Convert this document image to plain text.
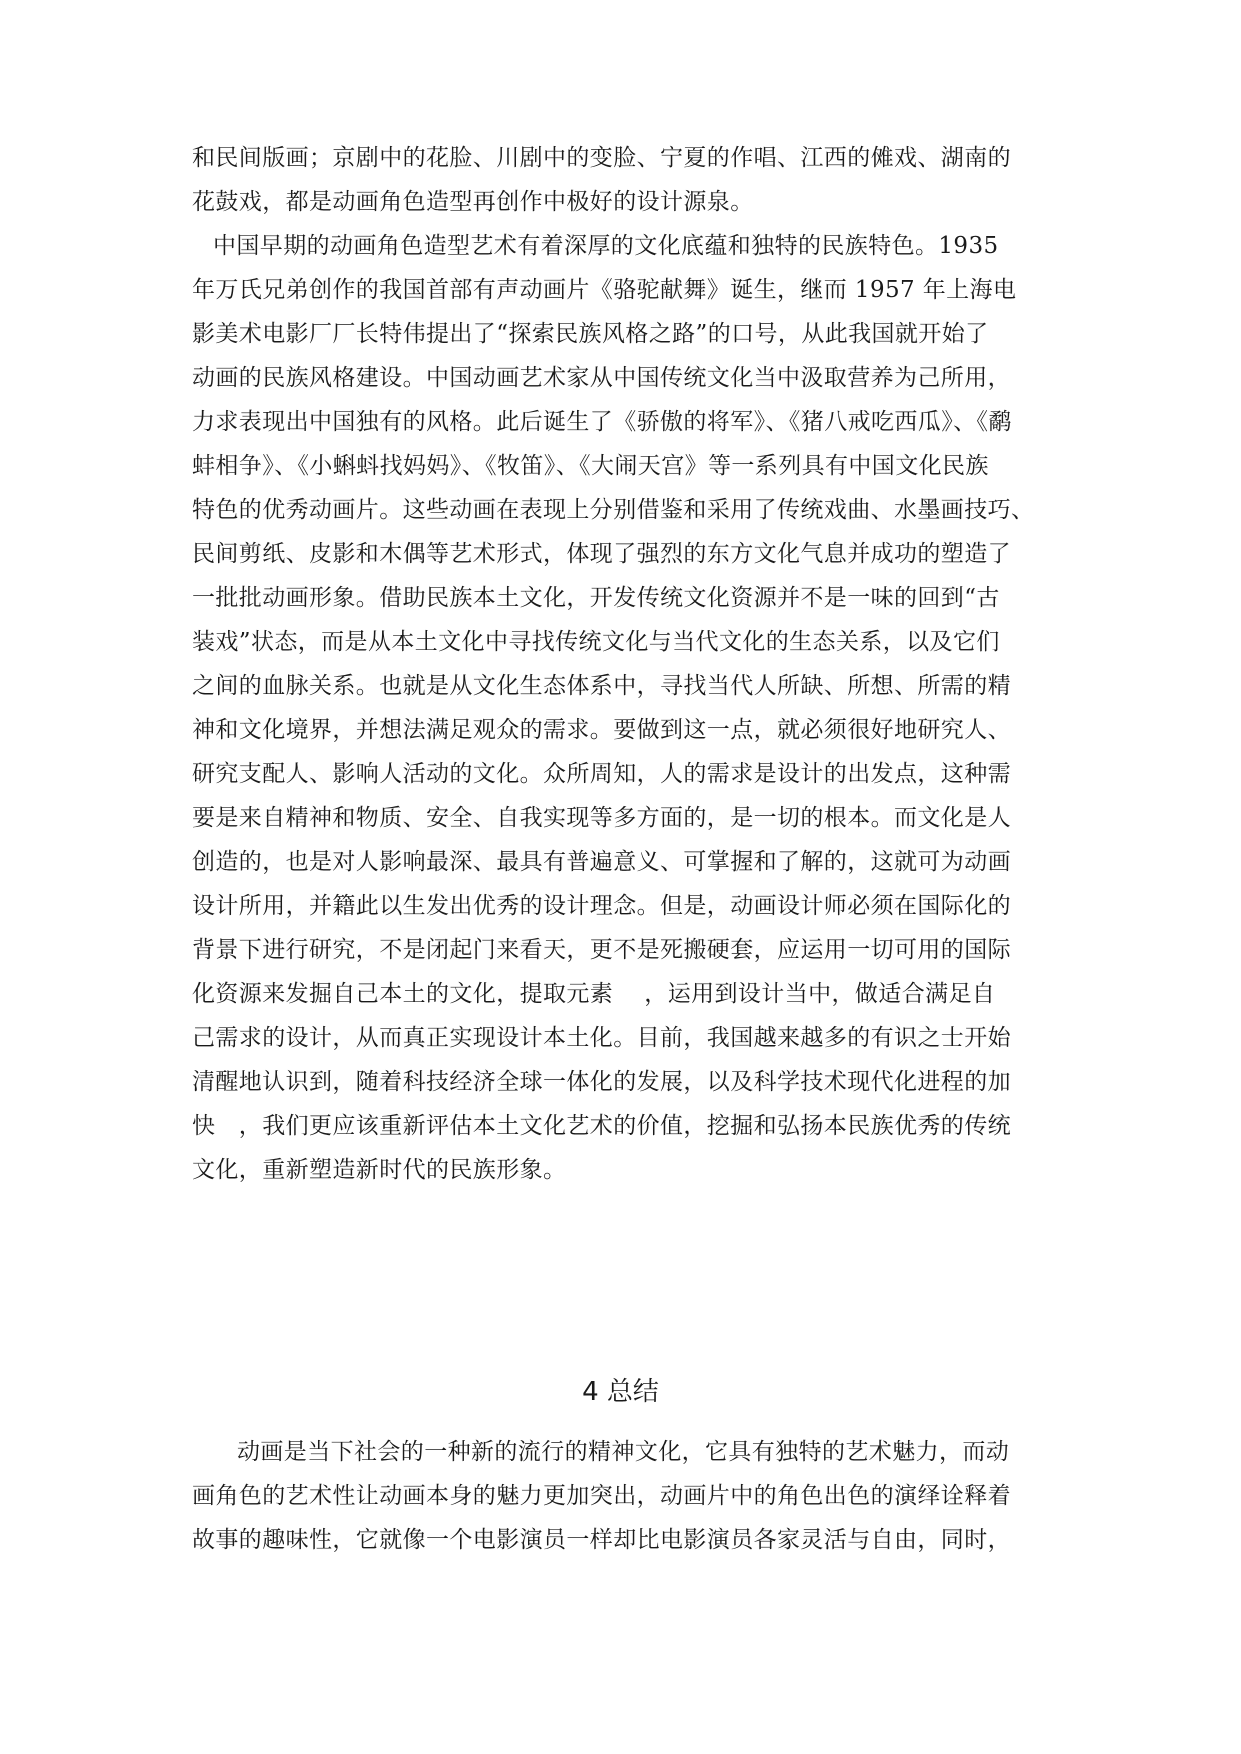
和民间版画；京剧中的花脸、川剧中的变脸、宁夏的作唱、江西的傩戏、湖南的
花鼓戏，都是动画角色造型再创作中极好的设计源泉。
中国早期的动画角色造型艺术有着深厚的文化底蕴和独特的民族特色。1935
年万氏兄弟创作的我国首部有声动画片《骆驼献舞》诞生，继而 1957 年上海电
影美术电影厂厂长特伟提出了“探索民族风格之路”的口号，从此我国就开始了
动画的民族风格建设。中国动画艺术家从中国传统文化当中汲取营养为己所用，
力求表现出中国独有的风格。此后诞生了《骄傲的将军》、《猪八戒吃西瓜》、《鹬
蚌相争》、《小蝌蚪找妈妈》、《牧笛》、《大闹天宫》等一系列具有中国文化民族
特色的优秀动画片。这些动画在表现上分别借鉴和采用了传统戏曲、水墨画技巧、
民间剪纸、皮影和木偶等艺术形式，体现了强烈的东方文化气息并成功的塑造了
一批批动画形象。借助民族本土文化，开发传统文化资源并不是一味的回到“古
装戏”状态，而是从本土文化中寻找传统文化与当代文化的生态关系，以及它们
之间的血脉关系。也就是从文化生态体系中，寻找当代人所缺、所想、所需的精
神和文化境界，并想法满足观众的需求。要做到这一点，就必须很好地研究人、
研究支配人、影响人活动的文化。众所周知，人的需求是设计的出发点，这种需
要是来自精神和物质、安全、自我实现等多方面的，是一切的根本。而文化是人
创造的，也是对人影响最深、最具有普遍意义、可掌握和了解的，这就可为动画
设计所用，并籍此以生发出优秀的设计理念。但是，动画设计师必须在国际化的
背景下进行研究，不是闭起门来看天，更不是死搬硬套，应运用一切可用的国际
化资源来发掘自己本土的文化，提取元素　 ，运用到设计当中，做适合满足自
己需求的设计，从而真正实现设计本土化。目前，我国越来越多的有识之士开始
清醒地认识到，随着科技经济全球一体化的发展，以及科学技术现代化进程的加
快　，我们更应该重新评估本土文化艺术的价值，挖掘和弘扬本民族优秀的传统
文化，重新塑造新时代的民族形象。
4 总结
动画是当下社会的一种新的流行的精神文化，它具有独特的艺术魅力，而动
画角色的艺术性让动画本身的魅力更加突出，动画片中的角色出色的演绎诠释着
故事的趣味性，它就像一个电影演员一样却比电影演员各家灵活与自由，同时，
